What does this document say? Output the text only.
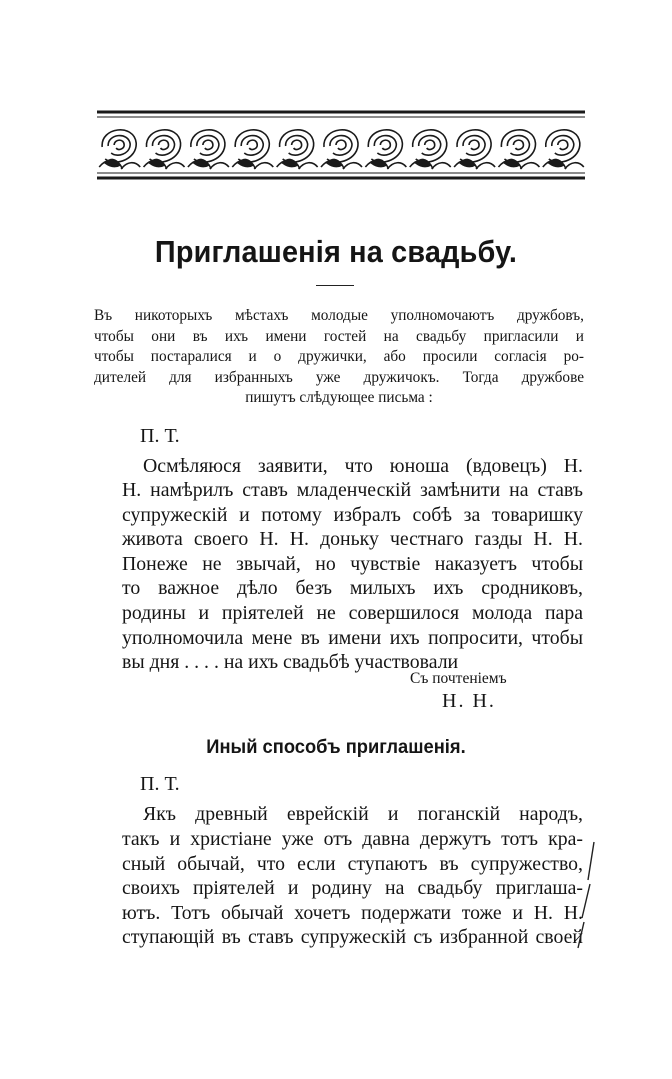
Приглашенія на свадьбу.
Въ никоторыхъ мѣстахъ молодые уполномочаютъ дружбовъ,
чтобы они въ ихъ имени гостей на свадьбу пригласили и
чтобы постаралися и о дружички, або просили согласія ро-
дителей для избранныхъ уже дружичокъ. Тогда дружбове
пишутъ слѣдующее письма :
П. Т.
Осмѣляюся заявити, что юноша (вдовецъ) Н.
Н. намѣрилъ ставъ младенческій замѣнити на ставъ
супружескій и потому избралъ собѣ за товаришку
живота своего Н. Н. доньку честнаго газды Н. Н.
Понеже не звычай, но чувствіе наказуетъ чтобы
то важное дѣло безъ милыхъ ихъ сродниковъ,
родины и пріятелей не совершилося молода пара
уполномочила мене въ имени ихъ попросити, чтобы
вы дня . . . . на ихъ свадьбѣ участвовали
Съ почтеніемъ
Н. Н.
Иный способъ приглашенія.
П. Т.
Якъ древный еврейскій и поганскій народъ,
такъ и христіане уже отъ давна держутъ тотъ кра-
сный обычай, что если ступаютъ въ супружество,
своихъ пріятелей и родину на свадьбу приглаша-
ютъ. Тотъ обычай хочетъ подержати тоже и Н. Н.
ступающій въ ставъ супружескій съ избранной своей
